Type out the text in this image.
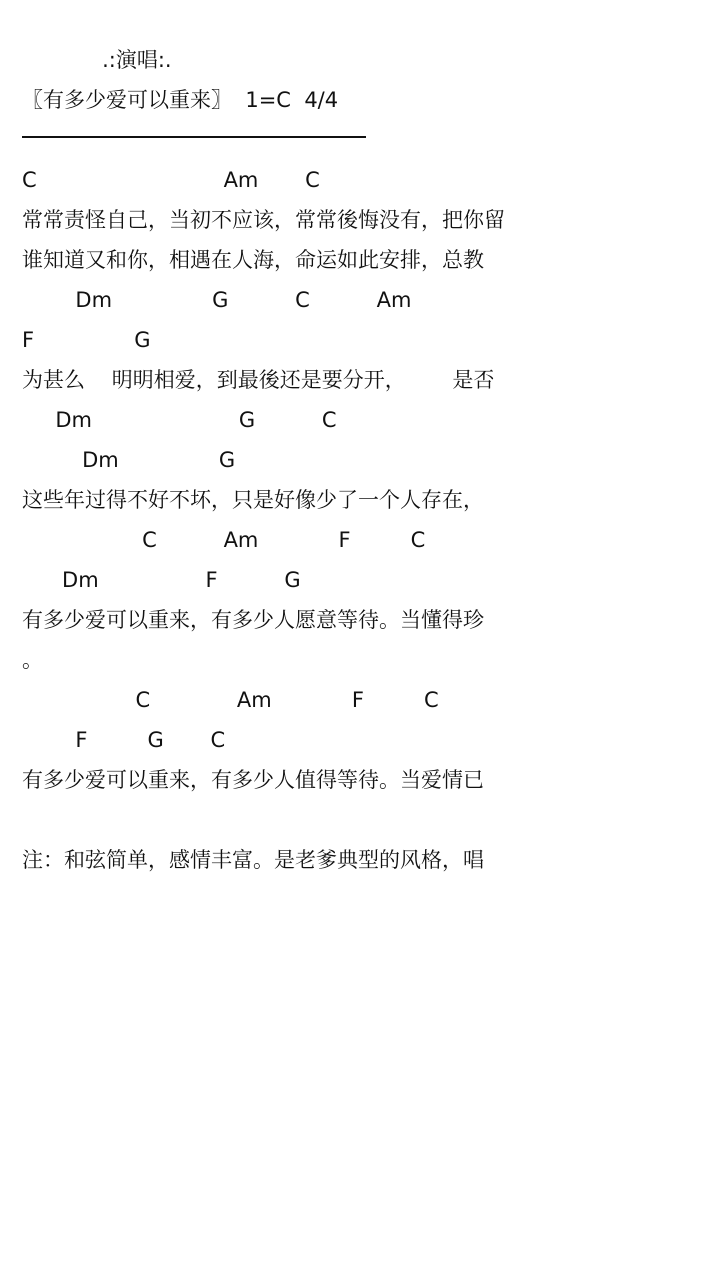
.:演唱:.
〖有多少爱可以重来〗  1=C  4/4
C                            Am       C
常常责怪自己，当初不应该，常常後悔没有，把你留
谁知道又和你，相遇在人海，命运如此安排，总教
Dm               G          C          Am
F               G
为甚么    明明相爱，到最後还是要分开，       是否
Dm                      G          C
Dm               G
这些年过得不好不坏，只是好像少了一个人存在，
C          Am            F         C
Dm                F          G
有多少爱可以重来，有多少人愿意等待。当懂得珍
。
C             Am            F         C
F         G       C
有多少爱可以重来，有多少人值得等待。当爱情已
注：和弦简单，感情丰富。是老爹典型的风格，唱
